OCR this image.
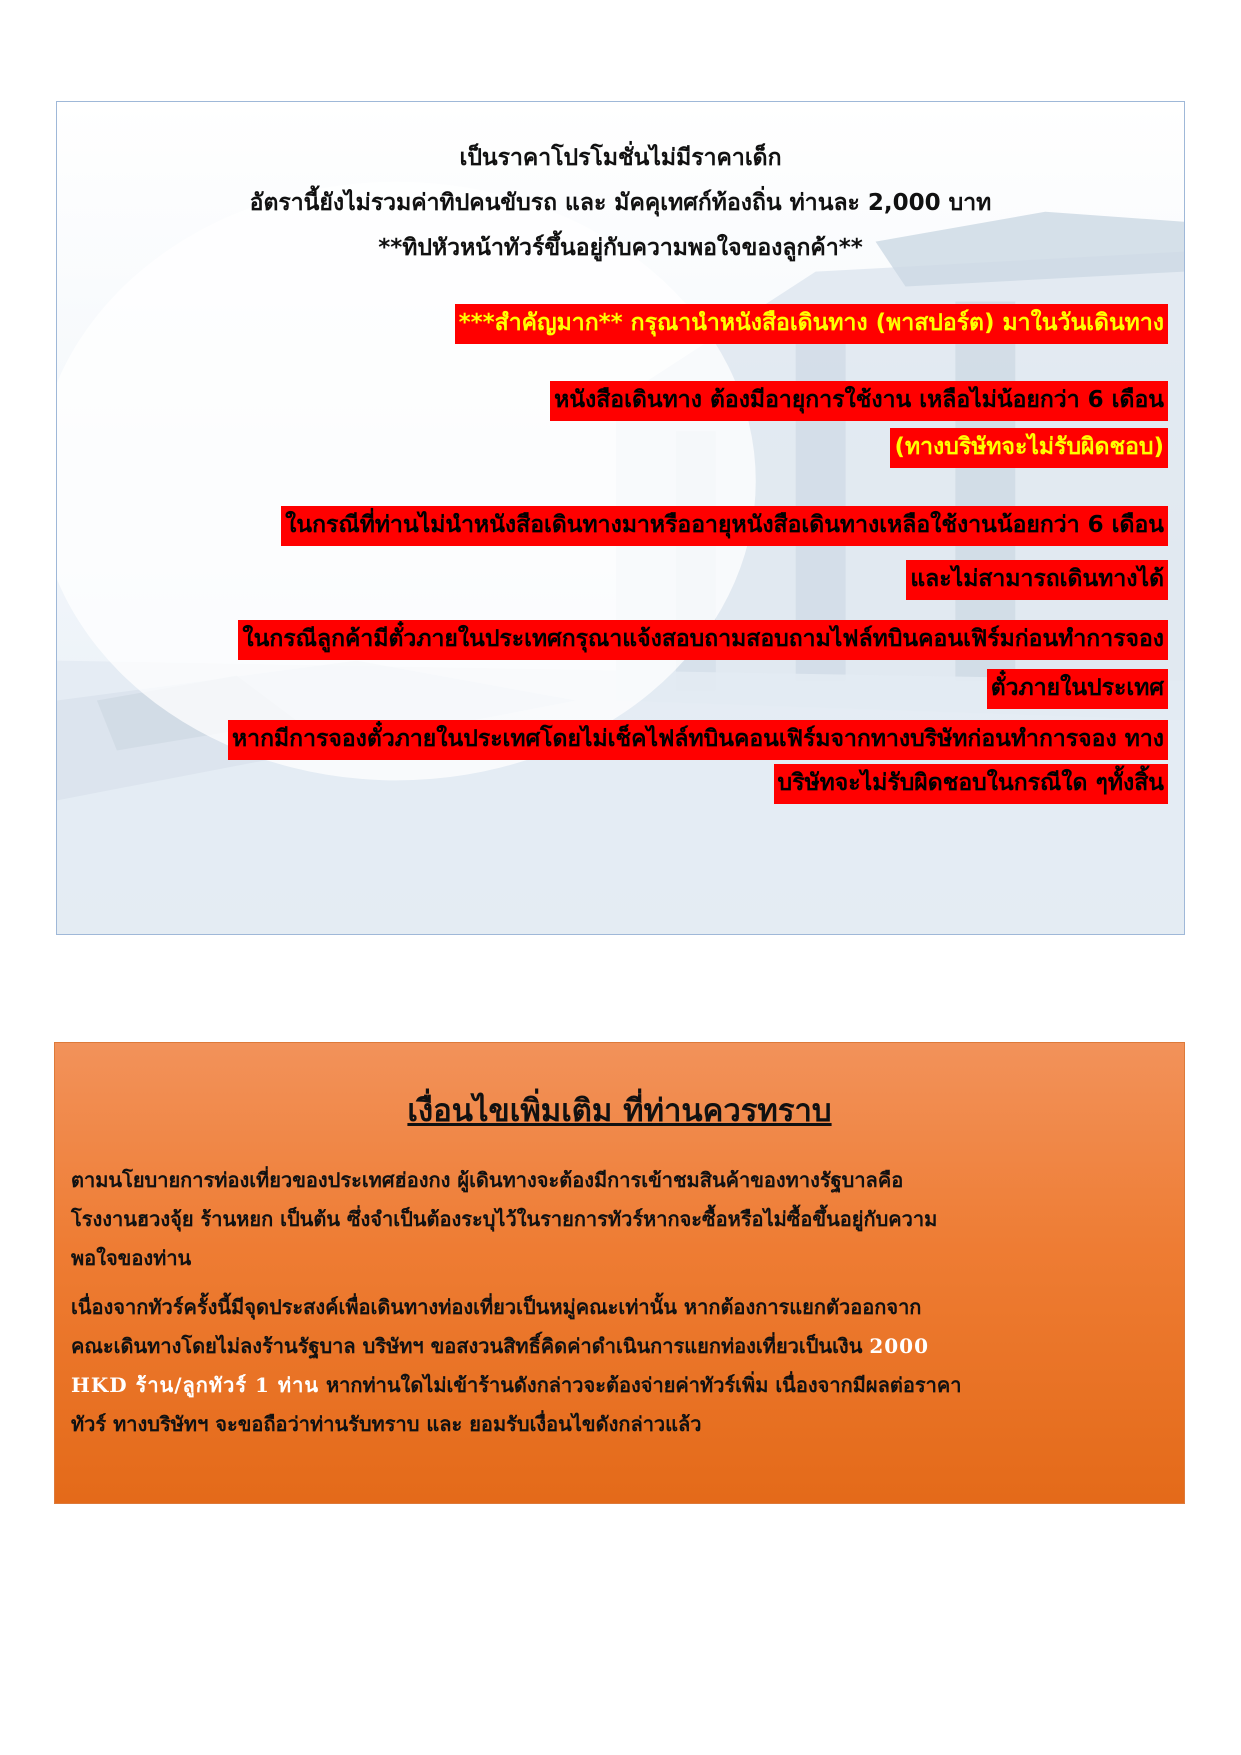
เป็นราคาโปรโมชั่นไม่มีราคาเด็ก
อัตรานี้ยังไม่รวมค่าทิปคนขับรถ และ มัคคุเทศก์ท้องถิ่น ท่านละ 2,000 บาท
**ทิปหัวหน้าทัวร์ขึ้นอยู่กับความพอใจของลูกค้า**
***สำคัญมาก** กรุณานำหนังสือเดินทาง (พาสปอร์ต) มาในวันเดินทาง
หนังสือเดินทาง ต้องมีอายุการใช้งาน เหลือไม่น้อยกว่า 6 เดือน
(ทางบริษัทจะไม่รับผิดชอบ)
ในกรณีที่ท่านไม่นำหนังสือเดินทางมาหรืออายุหนังสือเดินทางเหลือใช้งานน้อยกว่า 6 เดือน
และไม่สามารถเดินทางได้
ในกรณีลูกค้ามีตั๋วภายในประเทศกรุณาแจ้งสอบถามสอบถามไฟล์ทบินคอนเฟิร์มก่อนทำการจอง
ตั๋วภายในประเทศ
หากมีการจองตั๋วภายในประเทศโดยไม่เช็คไฟล์ทบินคอนเฟิร์มจากทางบริษัทก่อนทำการจอง ทาง
บริษัทจะไม่รับผิดชอบในกรณีใด ๆทั้งสิ้น
เงื่อนไขเพิ่มเติม ที่ท่านควรทราบ
ตามนโยบายการท่องเที่ยวของประเทศฮ่องกง ผู้เดินทางจะต้องมีการเข้าชมสินค้าของทางรัฐบาลคือ
โรงงานฮวงจุ้ย ร้านหยก เป็นต้น ซึ่งจำเป็นต้องระบุไว้ในรายการทัวร์หากจะซื้อหรือไม่ซื้อขึ้นอยู่กับความ
พอใจของท่าน
เนื่องจากทัวร์ครั้งนี้มีจุดประสงค์เพื่อเดินทางท่องเที่ยวเป็นหมู่คณะเท่านั้น หากต้องการแยกตัวออกจาก
คณะเดินทางโดยไม่ลงร้านรัฐบาล บริษัทฯ ขอสงวนสิทธิ์คิดค่าดำเนินการแยกท่องเที่ยวเป็นเงิน 2000
HKD ร้าน/ลูกทัวร์ 1 ท่าน หากท่านใดไม่เข้าร้านดังกล่าวจะต้องจ่ายค่าทัวร์เพิ่ม เนื่องจากมีผลต่อราคา
ทัวร์ ทางบริษัทฯ จะขอถือว่าท่านรับทราบ และ ยอมรับเงื่อนไขดังกล่าวแล้ว
